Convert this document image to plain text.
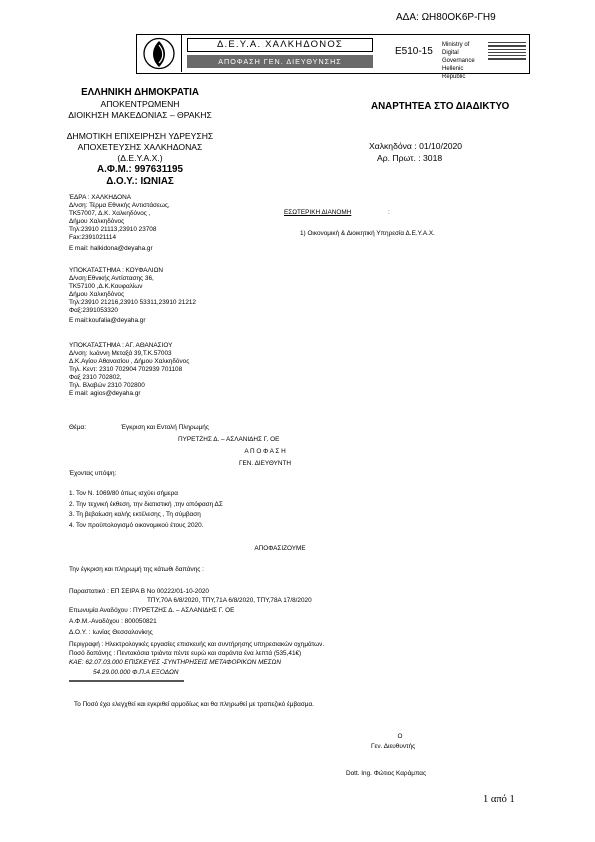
ΑΔΑ: ΩΗ80ΟΚ6Ρ-ΓΗ9
Δ.Ε.Υ.Α. ΧΑΛΚΗΔΟΝΟΣ
ΑΠΟΦΑΣΗ ΓΕΝ. ΔΙΕΥΘΥΝΣΗΣ
Ε510-15
Ministry of Digital
Governance
Hellenic Republic
ΕΛΛΗΝΙΚΗ ΔΗΜΟΚΡΑΤΙΑ
ΑΠΟΚΕΝΤΡΩΜΕΝΗ
ΔΙΟΙΚΗΣΗ ΜΑΚΕΔΟΝΙΑΣ – ΘΡΑΚΗΣ
ΔΗΜΟΤΙΚΗ ΕΠΙΧΕΙΡΗΣΗ ΥΔΡΕΥΣΗΣ
ΑΠΟΧΕΤΕΥΣΗΣ ΧΑΛΚΗΔΟΝΑΣ
(Δ.Ε.Υ.Α.Χ.)
Α.Φ.Μ.: 997631195
Δ.Ο.Υ.: ΙΩΝΙΑΣ
ΑΝΑΡΤΗΤΕΑ ΣΤΟ ΔΙΑΔΙΚΤΥΟ
Χαλκηδόνα : 01/10/2020
Αρ. Πρωτ. : 3018
ΕΣΩΤΕΡΙΚΗ ΔΙΑΝΟΜΗ	:
1) Οικονομική & Διοικητική Υπηρεσία Δ.Ε.Υ.Α.Χ.
ΈΔΡΑ : ΧΑΛΚΗΔΟΝΑ
Δ/νση: Τέρμα Εθνικής Αντιστάσεως,
ΤΚ57007, Δ.Κ. Χαλκηδόνος ,
Δήμου Χαλκηδόνος
Τηλ:23910 21113,23910 23708
Fax:2391021114
E mail: halkidona@deyaha.gr
ΥΠΟΚΑΤΑΣΤΗΜΑ : ΚΟΥΦΑΛΙΩΝ
Δ/νση:Εθνικής Αντίστασης 36,
ΤΚ57100 ,Δ.Κ.Κουφαλίων
Δήμου Χαλκηδόνος
Τηλ:23910 21216,23910 53311,23910 21212
Φαξ:2391053320
E mail:koufalia@deyaha.gr
ΥΠΟΚΑΤΑΣΤΗΜΑ : ΑΓ. ΑΘΑΝΑΣΙΟΥ
Δ/νση: Ιωάννη Μεταξά 39,Τ.Κ.57003
Δ.Κ.Αγίου Αθανασίου , Δήμου Χαλκηδόνος
Τηλ. Κεντ: 2310 702904 702939 701108
Φαξ 2310 702802,
Τηλ. Βλαβών 2310 702800
E mail: agios@deyaha.gr
Θέμα:	Έγκριση και Εντολή Πληρωμής
ΠΥΡΕΤΖΗΣ Δ. – ΑΣΛΑΝΙΔΗΣ Γ. ΟΕ
Α Π Ο Φ Α Σ Η
ΓΕΝ. ΔΙΕΥΘΥΝΤΗ
Έχοντας υπόψη:
1. Τον Ν. 1069/80 όπως ισχύει σήμερα
2. Την τεχνική έκθεση, την διατιστική ,την απόφαση ΔΣ
3. Τη βεβαίωση καλής εκτέλεσης , Τη σύμβαση
4. Τον προϋπολογισμό οικονομικού έτους 2020.
ΑΠΟΦΑΣΙΖΟΥΜΕ
Την έγκριση και πληρωμή της κάτωθι δαπάνης :
Παραστατικό : ΕΠ ΣΕΙΡΑ Β Νο 00222/01-10-2020
ΤΠΥ,70Α 6/8/2020, ΤΠΥ,71Α 6/8/2020, ΤΠΥ,78Α 17/8/2020
Επωνυμία Αναδόχου : ΠΥΡΕΤΖΗΣ Δ. – ΑΣΛΑΝΙΔΗΣ Γ. ΟΕ
Α.Φ.Μ.-Αναδόχου : 800050821
Δ.Ο.Υ. : Ιωνίας Θεσσαλονίκης
Περιγραφή : Ηλεκτρολογικές εργασίες επισκευής και συντήρησης υπηρεσιακών οχημάτων.
Ποσό δαπάνης : Πεντακόσια τριάντα πέντε ευρώ και σαράντα ένα λεπτά (535,41€)
ΚΑΕ: 62.07.03.000 ΕΠΙΣΚΕΥΕΣ -ΣΥΝΤΗΡΗΣΕΙΣ ΜΕΤΑΦΟΡΙΚΩΝ ΜΕΣΩΝ
54.29.00.000 Φ.Π.Α ΕΞΟΔΩΝ
Το Ποσό έχει ελεγχθεί και εγκριθεί αρμοδίως και θα πληρωθεί με τραπεζικό έμβασμα.
Ο
Γεν. Διευθυντής
Dott. Ing. Φώτιος Καράμπας
1 από 1
